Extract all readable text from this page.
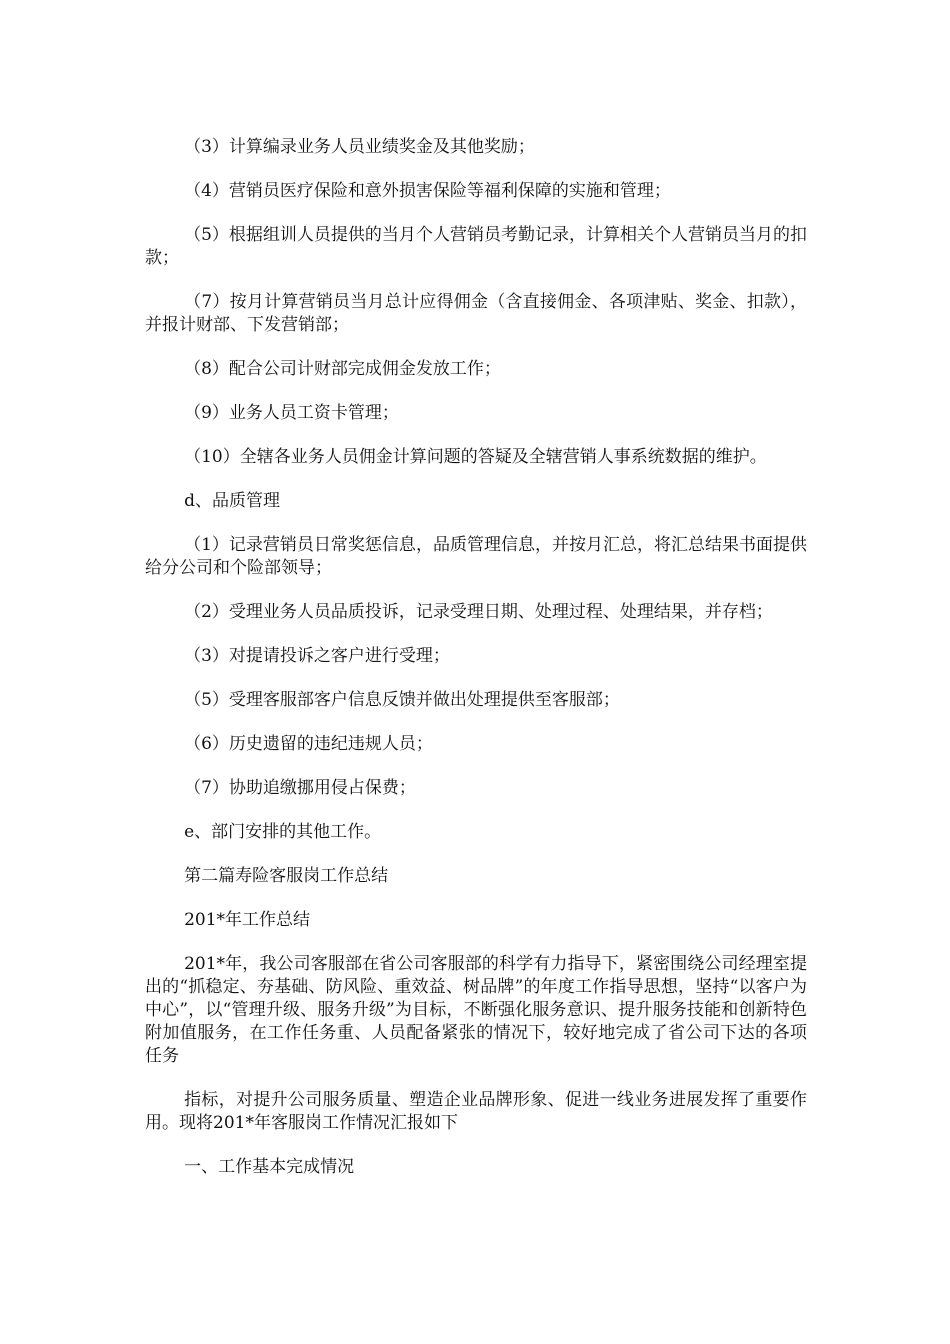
（3）计算编录业务人员业绩奖金及其他奖励；

（4）营销员医疗保险和意外损害保险等福利保障的实施和管理；

（5）根据组训人员提供的当月个人营销员考勤记录，计算相关个人营销员当月的扣款；

（7）按月计算营销员当月总计应得佣金（含直接佣金、各项津贴、奖金、扣款），并报计财部、下发营销部；

（8）配合公司计财部完成佣金发放工作；

（9）业务人员工资卡管理；

（10）全辖各业务人员佣金计算问题的答疑及全辖营销人事系统数据的维护。

d、品质管理

（1）记录营销员日常奖惩信息，品质管理信息，并按月汇总，将汇总结果书面提供给分公司和个险部领导；

（2）受理业务人员品质投诉，记录受理日期、处理过程、处理结果，并存档；

（3）对提请投诉之客户进行受理；

（5）受理客服部客户信息反馈并做出处理提供至客服部；

（6）历史遗留的违纪违规人员；

（7）协助追缴挪用侵占保费；

e、部门安排的其他工作。

第二篇寿险客服岗工作总结

201*年工作总结

201*年，我公司客服部在省公司客服部的科学有力指导下，紧密围绕公司经理室提出的“抓稳定、夯基础、防风险、重效益、树品牌”的年度工作指导思想，坚持“以客户为中心”，以“管理升级、服务升级”为目标，不断强化服务意识、提升服务技能和创新特色附加值服务，在工作任务重、人员配备紧张的情况下，较好地完成了省公司下达的各项任务

指标，对提升公司服务质量、塑造企业品牌形象、促进一线业务进展发挥了重要作用。现将201*年客服岗工作情况汇报如下

一、工作基本完成情况
